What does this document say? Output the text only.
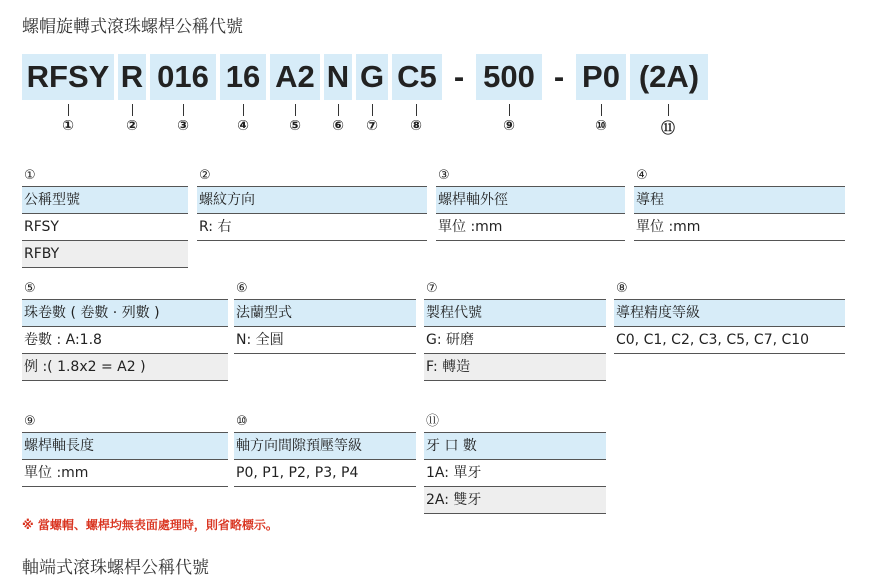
螺帽旋轉式滾珠螺桿公稱代號
RFSY R 016 16 A2 N G C5 - 500 - P0 (2A)
①	②	③	④	⑤ ⑥ ⑦ ⑧	⑨	⑩	⑪
①
公稱型號
RFSY
RFBY
②
螺紋方向
R: 右
③
螺桿軸外徑
單位 :mm
④
導程
單位 :mm
⑤
珠卷數 ( 卷數 · 列數 )
卷數 : A:1.8
例 :( 1.8x2 = A2 )
⑥
法蘭型式
N: 全圓
⑦
製程代號
G: 研磨
F: 轉造
⑧
導程精度等級
C0, C1, C2, C3, C5, C7, C10
⑨
螺桿軸長度
單位 :mm
⑩
軸方向間隙預壓等級
P0, P1, P2, P3, P4
⑪
牙 口 數
1A: 單牙
2A: 雙牙
※ 當螺帽、螺桿均無表面處理時，則省略標示。
軸端式滾珠螺桿公稱代號
